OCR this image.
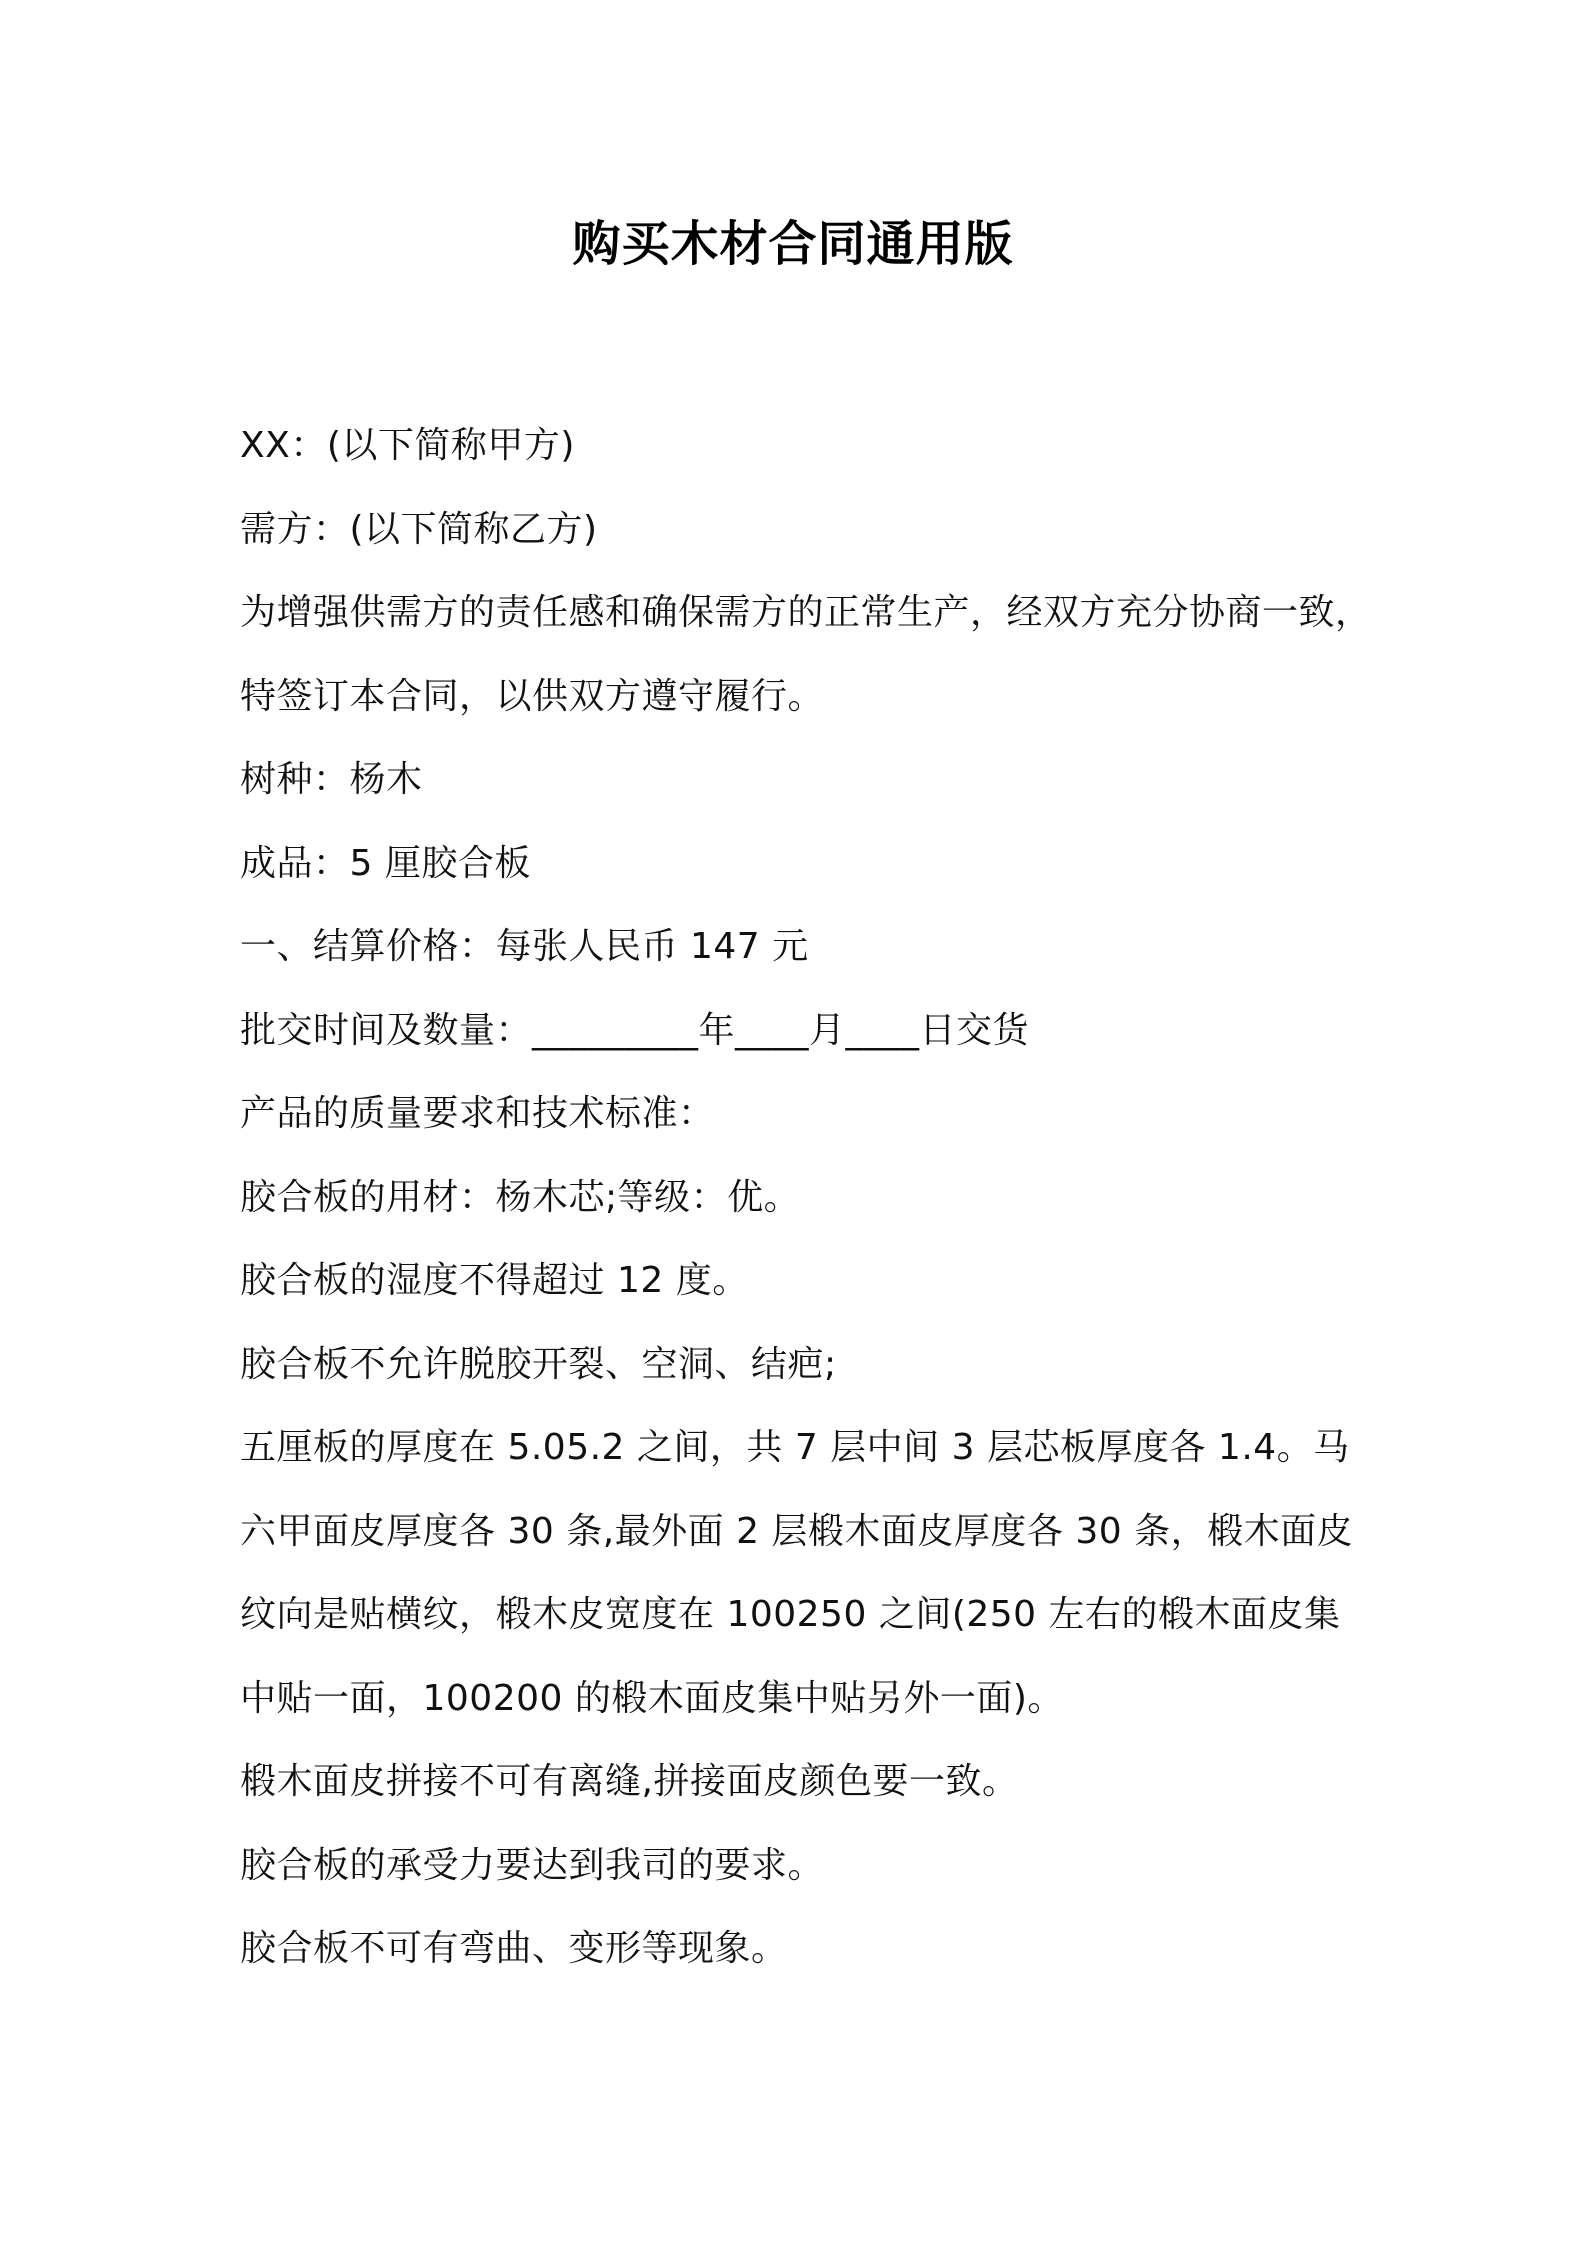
购买木材合同通用版
XX：(以下简称甲方)
需方：(以下简称乙方)
为增强供需方的责任感和确保需方的正常生产，经双方充分协商一致，
特签订本合同，以供双方遵守履行。
树种：杨木
成品：5 厘胶合板
一、结算价格：每张人民币 147 元
批交时间及数量：_________年____月____日交货
产品的质量要求和技术标准：
胶合板的用材：杨木芯;等级：优。
胶合板的湿度不得超过 12 度。
胶合板不允许脱胶开裂、空洞、结疤;
五厘板的厚度在 5.05.2 之间，共 7 层中间 3 层芯板厚度各 1.4。马
六甲面皮厚度各 30 条,最外面 2 层椴木面皮厚度各 30 条，椴木面皮
纹向是贴横纹，椴木皮宽度在 100250 之间(250 左右的椴木面皮集
中贴一面，100200 的椴木面皮集中贴另外一面)。
椴木面皮拼接不可有离缝,拼接面皮颜色要一致。
胶合板的承受力要达到我司的要求。
胶合板不可有弯曲、变形等现象。
